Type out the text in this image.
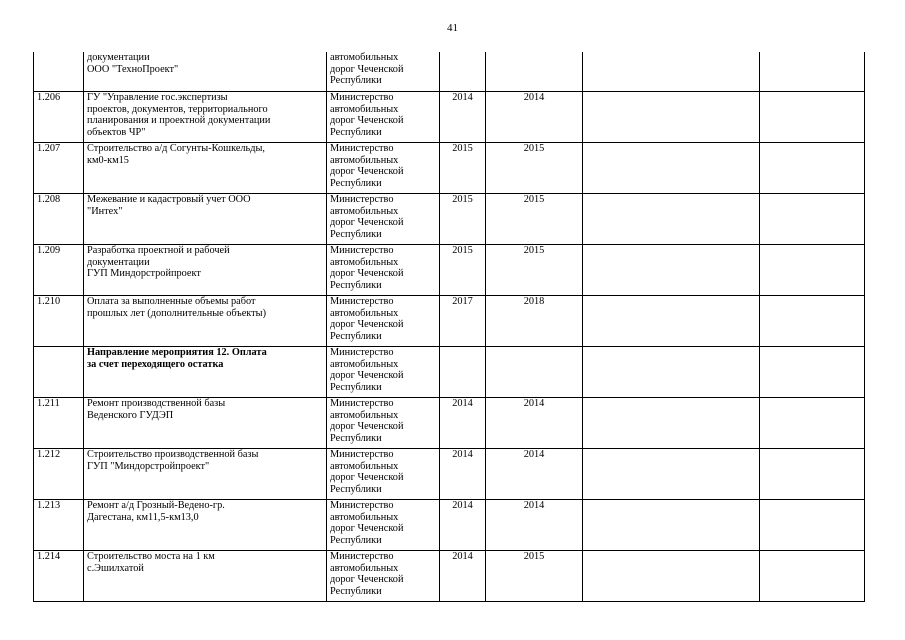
41
	документации
ООО "ТехноПроект"	автомобильных
дорог Чеченской
Республики				
1.206	ГУ "Управление гос.экспертизы
проектов, документов, территориального
планирования и проектной документации
объектов ЧР"	Министерство
автомобильных
дорог Чеченской
Республики	2014	2014		
1.207	Строительство а/д Согунты-Кошкельды,
км0-км15	Министерство
автомобильных
дорог Чеченской
Республики	2015	2015		
1.208	Межевание и кадастровый учет ООО
"Интех"	Министерство
автомобильных
дорог Чеченской
Республики	2015	2015		
1.209	Разработка проектной и рабочей
документации
ГУП Миндорстройпроект	Министерство
автомобильных
дорог Чеченской
Республики	2015	2015		
1.210	Оплата за выполненные объемы работ
прошлых лет (дополнительные объекты)	Министерство
автомобильных
дорог Чеченской
Республики	2017	2018		
	Направление мероприятия 12. Оплата
за счет переходящего остатка	Министерство
автомобильных
дорог Чеченской
Республики				
1.211	Ремонт производственной базы
Веденского ГУДЭП	Министерство
автомобильных
дорог Чеченской
Республики	2014	2014		
1.212	Строительство производственной базы
ГУП "Миндорстройпроект"	Министерство
автомобильных
дорог Чеченской
Республики	2014	2014		
1.213	Ремонт а/д Грозный-Ведено-гр.
Дагестана, км11,5-км13,0	Министерство
автомобильных
дорог Чеченской
Республики	2014	2014		
1.214	Строительство моста на 1 км
с.Эшилхатой	Министерство
автомобильных
дорог Чеченской
Республики	2014	2015		
